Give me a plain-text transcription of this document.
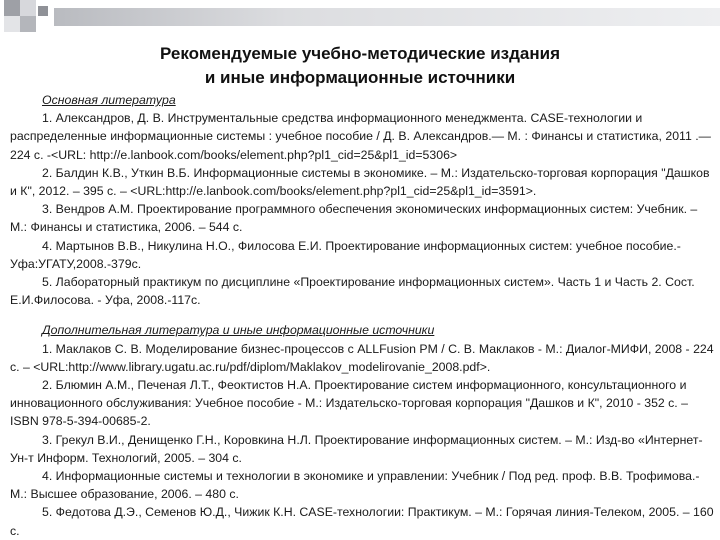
Рекомендуемые учебно-методические издания
и иные информационные источники

Основная литература

1. Александров, Д. В. Инструментальные средства информационного менеджмента. CASE-технологии и распределенные информационные системы : учебное пособие / Д. В. Александров.— М. : Финансы и статистика, 2011 .— 224 с. -<URL: http://e.lanbook.com/books/element.php?pl1_cid=25&pl1_id=5306>

2. Балдин К.В., Уткин В.Б. Информационные системы в экономике. – М.: Издательско-торговая корпорация "Дашков и К", 2012. – 395 с. – <URL:http://e.lanbook.com/books/element.php?pl1_cid=25&pl1_id=3591>.

3. Вендров А.М. Проектирование программного обеспечения экономических информационных систем: Учебник. – М.: Финансы и статистика, 2006. – 544 с.

4. Мартынов В.В., Никулина Н.О., Филосова Е.И. Проектирование информационных систем: учебное пособие.- Уфа:УГАТУ,2008.-379с.

5. Лабораторный практикум по дисциплине «Проектирование информационных систем». Часть 1 и Часть 2. Сост. Е.И.Филосова. - Уфа, 2008.-117с.

Дополнительная литература и иные информационные источники

1. Маклаков С. В. Моделирование бизнес-процессов с ALLFusion PM / С. В. Маклаков - М.: Диалог-МИФИ, 2008 - 224 с. – <URL:http://www.library.ugatu.ac.ru/pdf/diplom/Maklakov_modelirovanie_2008.pdf>.

2. Блюмин А.М., Печеная Л.Т., Феоктистов Н.А. Проектирование систем информационного, консультационного и инновационного обслуживания: Учебное пособие - М.: Издательско-торговая корпорация "Дашков и К", 2010 - 352 с. –ISBN 978-5-394-00685-2.

3. Грекул В.И., Денищенко Г.Н., Коровкина Н.Л. Проектирование информационных систем. – М.: Изд-во «Интернет-Ун-т Информ. Технологий, 2005. – 304 с.

4. Информационные системы и технологии в экономике и управлении: Учебник / Под ред. проф. В.В. Трофимова.- М.: Высшее образование, 2006. – 480 с.

5. Федотова Д.Э., Семенов Ю.Д., Чижик К.Н. CASE-технологии: Практикум. – М.: Горячая линия-Телеком, 2005. – 160 с.
